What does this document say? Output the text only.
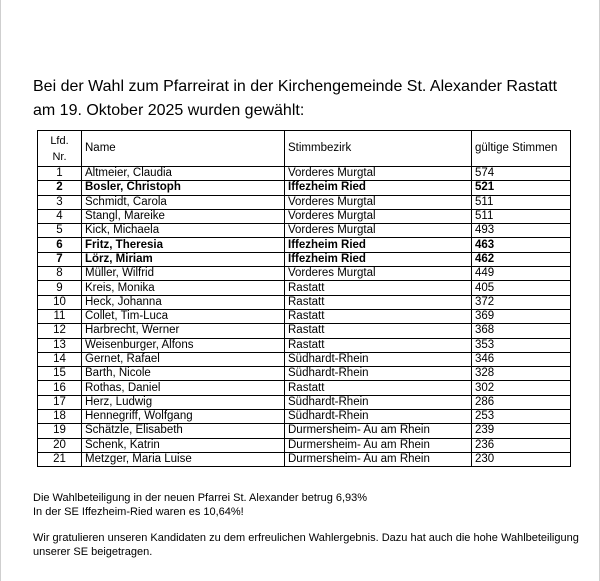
Bei der Wahl zum Pfarreirat in der Kirchengemeinde St. Alexander Rastatt
am 19. Oktober 2025 wurden gewählt:
Lfd.
Nr.	Name	Stimmbezirk	gültige Stimmen
1	Altmeier, Claudia	Vorderes Murgtal	574
2	Bosler, Christoph	Iffezheim Ried	521
3	Schmidt, Carola	Vorderes Murgtal	511
4	Stangl, Mareike	Vorderes Murgtal	511
5	Kick, Michaela	Vorderes Murgtal	493
6	Fritz, Theresia	Iffezheim Ried	463
7	Lörz, Miriam	Iffezheim Ried	462
8	Müller, Wilfrid	Vorderes Murgtal	449
9	Kreis, Monika	Rastatt	405
10	Heck, Johanna	Rastatt	372
11	Collet, Tim-Luca	Rastatt	369
12	Harbrecht, Werner	Rastatt	368
13	Weisenburger, Alfons	Rastatt	353
14	Gernet, Rafael	Südhardt-Rhein	346
15	Barth, Nicole	Südhardt-Rhein	328
16	Rothas, Daniel	Rastatt	302
17	Herz, Ludwig	Südhardt-Rhein	286
18	Hennegriff, Wolfgang	Südhardt-Rhein	253
19	Schätzle, Elisabeth	Durmersheim- Au am Rhein	239
20	Schenk, Katrin	Durmersheim- Au am Rhein	236
21	Metzger, Maria Luise	Durmersheim- Au am Rhein	230

Die Wahlbeteiligung in der neuen Pfarrei St. Alexander betrug 6,93%

In der SE Iffezheim-Ried waren es 10,64%!

Wir gratulieren unseren Kandidaten zu dem erfreulichen Wahlergebnis. Dazu hat auch die hohe Wahlbeteiligung

unserer SE beigetragen.
